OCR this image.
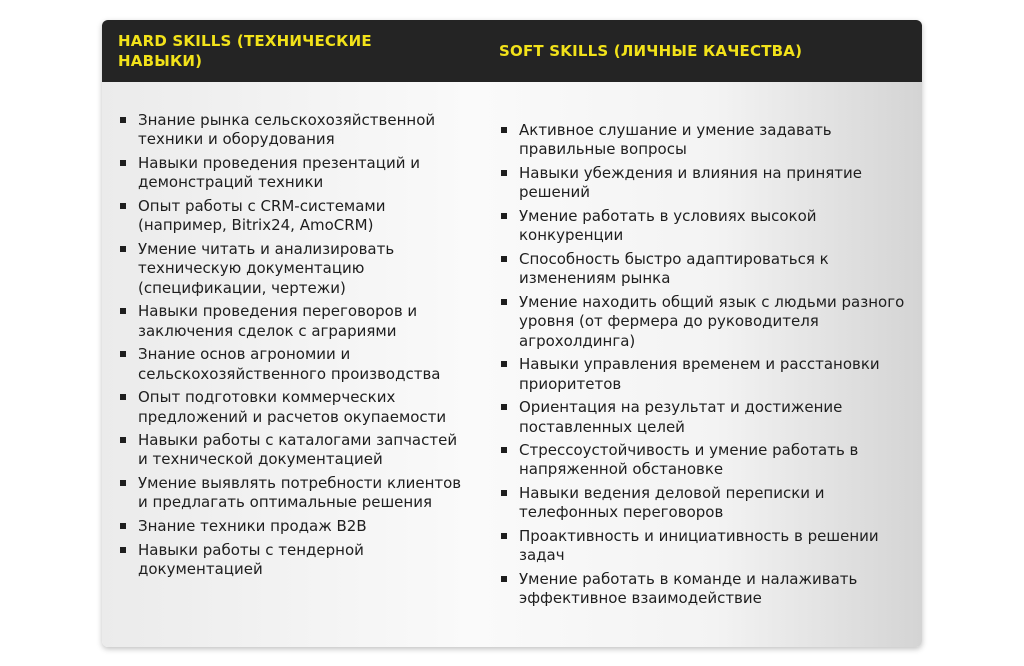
HARD SKILLS (ТЕХНИЧЕСКИЕ НАВЫКИ)
SOFT SKILLS (ЛИЧНЫЕ КАЧЕСТВА)
Знание рынка сельскохозяйственной техники и оборудования
Навыки проведения презентаций и демонстраций техники
Опыт работы с CRM-системами (например, Bitrix24, AmoCRM)
Умение читать и анализировать техническую документацию (спецификации, чертежи)
Навыки проведения переговоров и заключения сделок с аграриями
Знание основ агрономии и сельскохозяйственного производства
Опыт подготовки коммерческих предложений и расчетов окупаемости
Навыки работы с каталогами запчастей и технической документацией
Умение выявлять потребности клиентов и предлагать оптимальные решения
Знание техники продаж B2B
Навыки работы с тендерной документацией
Активное слушание и умение задавать правильные вопросы
Навыки убеждения и влияния на принятие решений
Умение работать в условиях высокой конкуренции
Способность быстро адаптироваться к изменениям рынка
Умение находить общий язык с людьми разного уровня (от фермера до руководителя агрохолдинга)
Навыки управления временем и расстановки приоритетов
Ориентация на результат и достижение поставленных целей
Стрессоустойчивость и умение работать в напряженной обстановке
Навыки ведения деловой переписки и телефонных переговоров
Проактивность и инициативность в решении задач
Умение работать в команде и налаживать эффективное взаимодействие
